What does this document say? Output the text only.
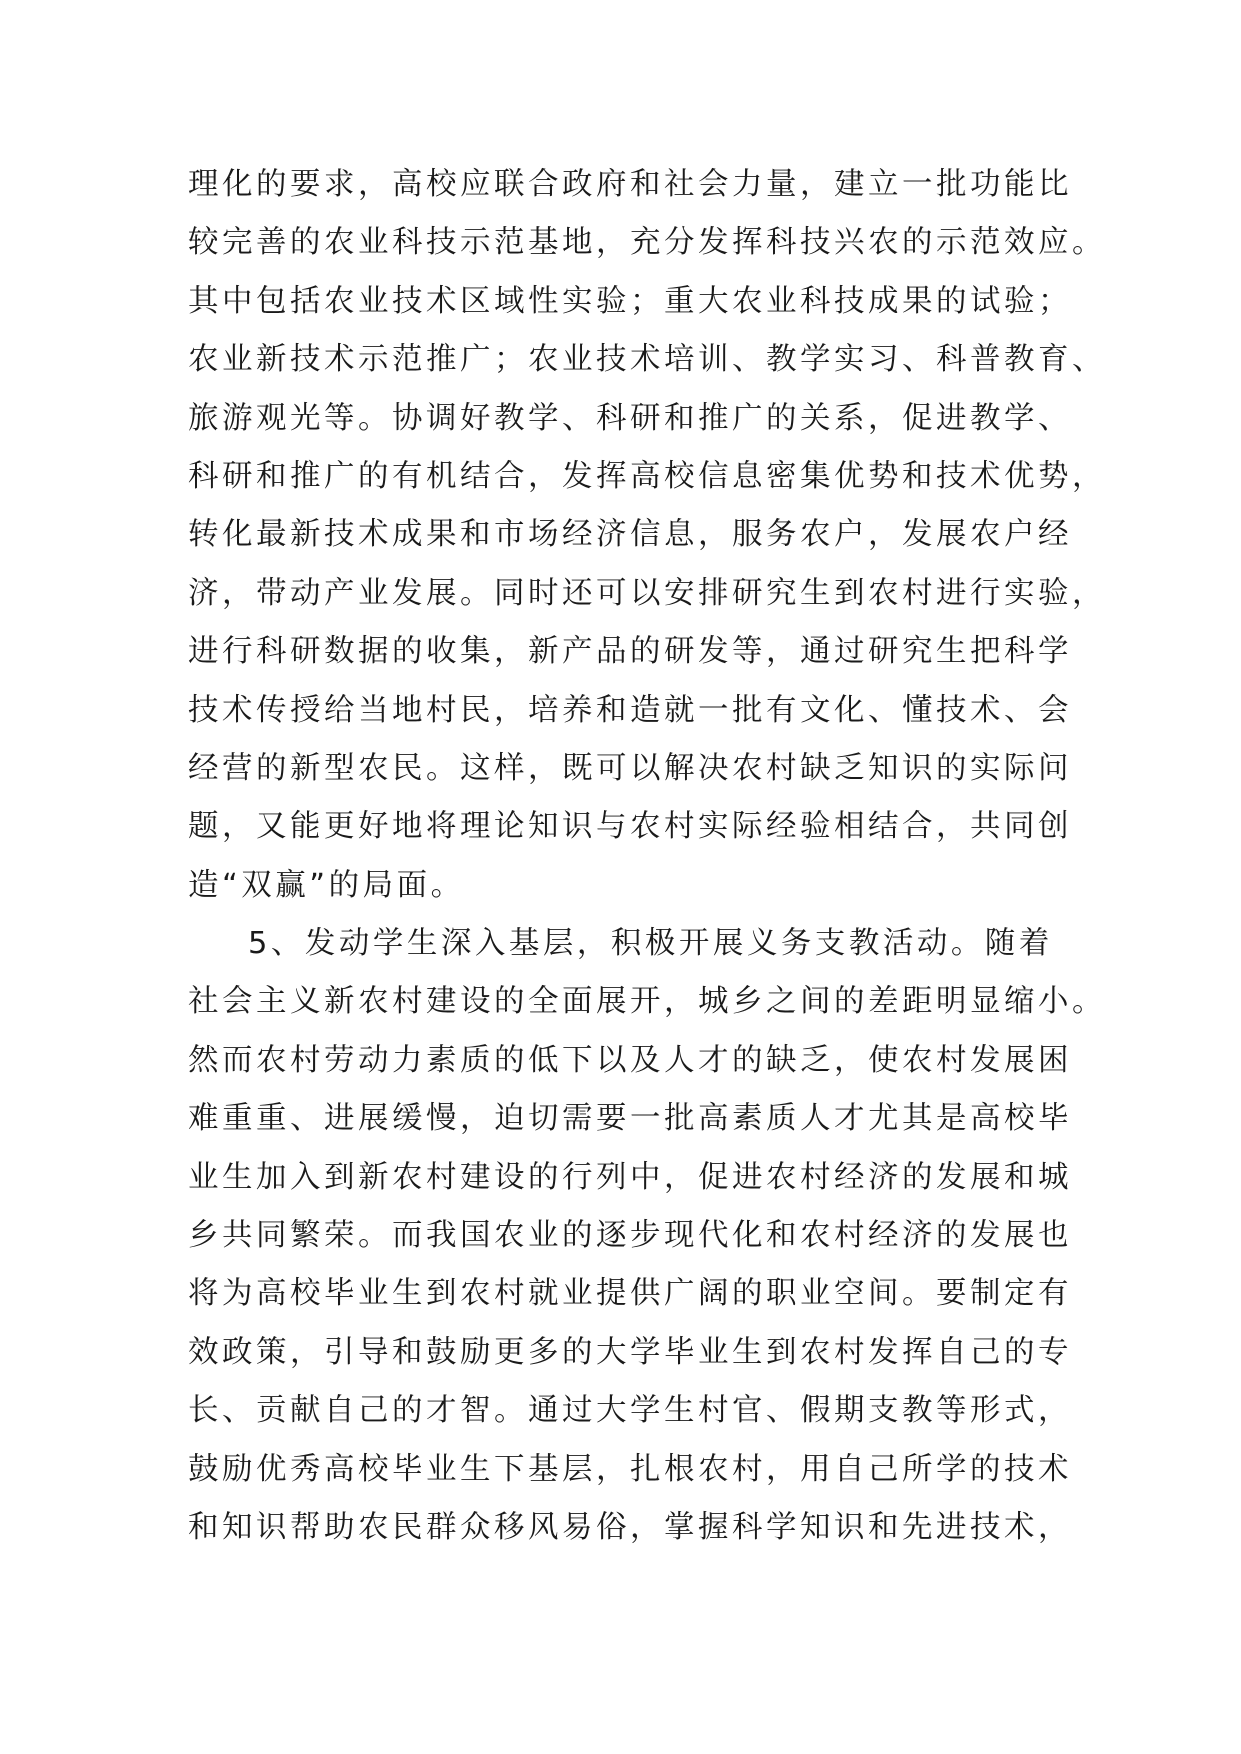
理化的要求，高校应联合政府和社会力量，建立一批功能比
较完善的农业科技示范基地，充分发挥科技兴农的示范效应。
其中包括农业技术区域性实验；重大农业科技成果的试验；
农业新技术示范推广；农业技术培训、教学实习、科普教育、
旅游观光等。协调好教学、科研和推广的关系，促进教学、
科研和推广的有机结合，发挥高校信息密集优势和技术优势，
转化最新技术成果和市场经济信息，服务农户，发展农户经
济，带动产业发展。同时还可以安排研究生到农村进行实验，
进行科研数据的收集，新产品的研发等，通过研究生把科学
技术传授给当地村民，培养和造就一批有文化、懂技术、会
经营的新型农民。这样，既可以解决农村缺乏知识的实际问
题，又能更好地将理论知识与农村实际经验相结合，共同创
造“双赢”的局面。
5、发动学生深入基层，积极开展义务支教活动。随着
社会主义新农村建设的全面展开，城乡之间的差距明显缩小。
然而农村劳动力素质的低下以及人才的缺乏，使农村发展困
难重重、进展缓慢，迫切需要一批高素质人才尤其是高校毕
业生加入到新农村建设的行列中，促进农村经济的发展和城
乡共同繁荣。而我国农业的逐步现代化和农村经济的发展也
将为高校毕业生到农村就业提供广阔的职业空间。要制定有
效政策，引导和鼓励更多的大学毕业生到农村发挥自己的专
长、贡献自己的才智。通过大学生村官、假期支教等形式，
鼓励优秀高校毕业生下基层，扎根农村，用自己所学的技术
和知识帮助农民群众移风易俗，掌握科学知识和先进技术，
